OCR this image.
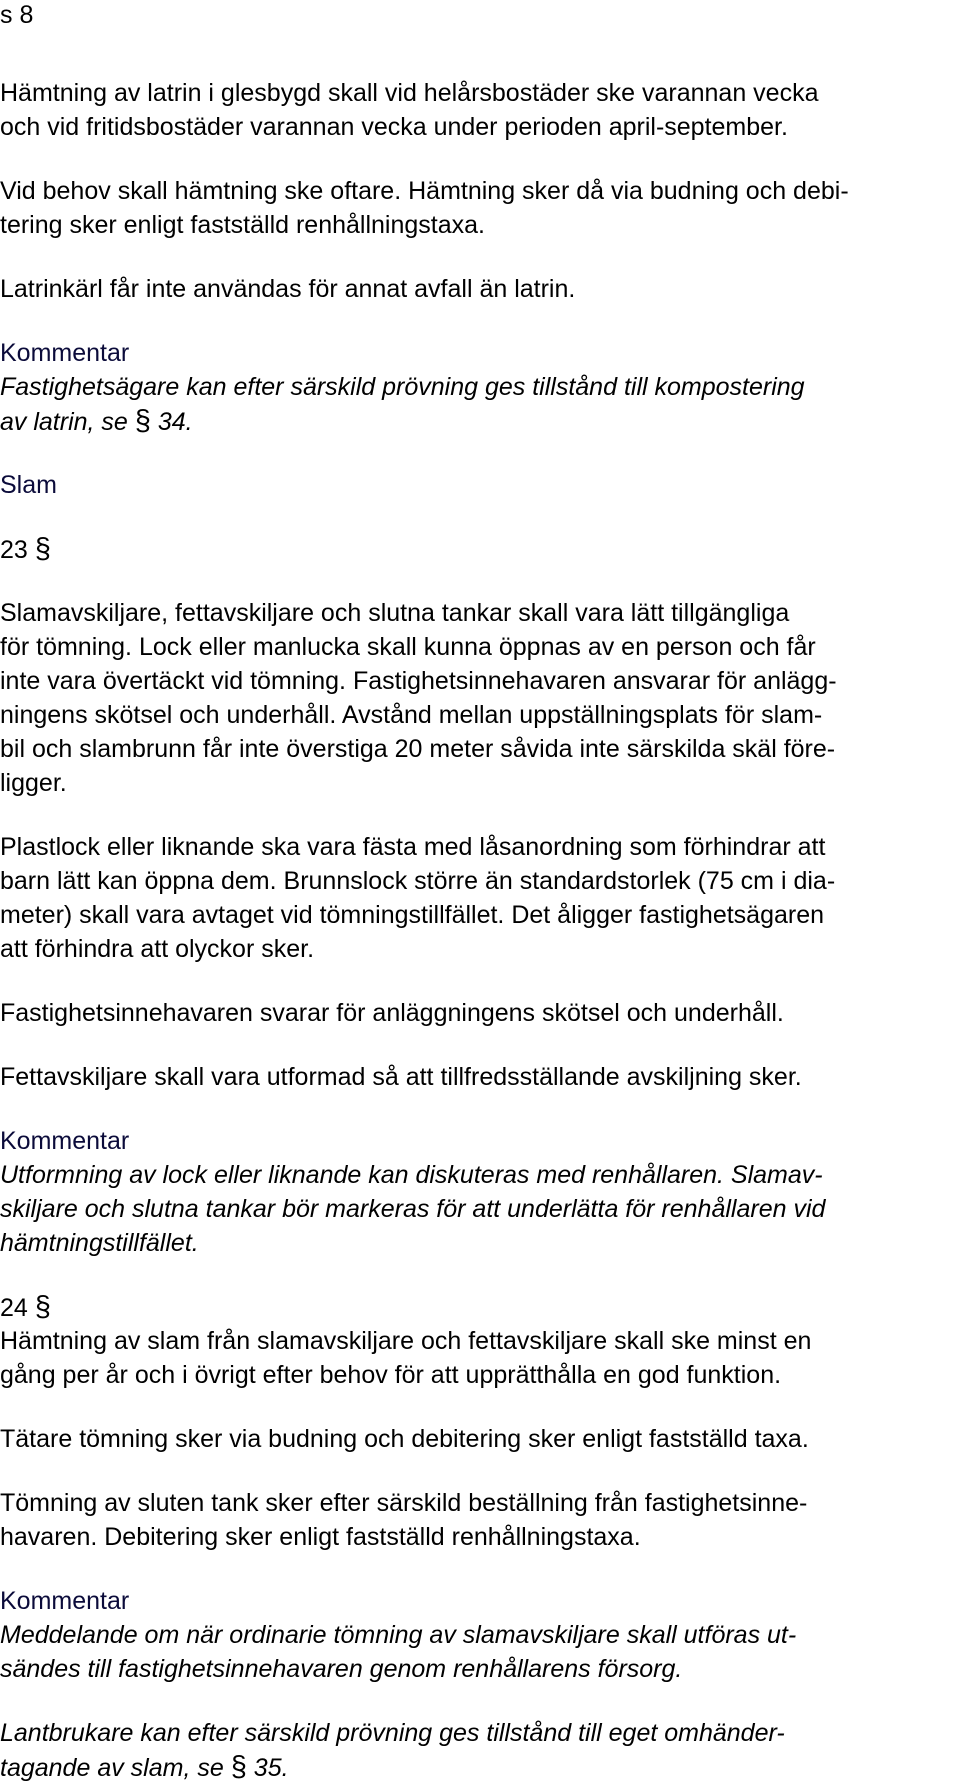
s 8
Hämtning av latrin i glesbygd skall vid helårsbostäder ske varannan vecka
och vid fritidsbostäder varannan vecka under perioden april-september.
Vid behov skall hämtning ske oftare. Hämtning sker då via budning och debi-
tering sker enligt fastställd renhållningstaxa.
Latrinkärl får inte användas för annat avfall än latrin.
Kommentar
Fastighetsägare kan efter särskild prövning ges tillstånd till kompostering
av latrin, se § 34.
Slam
23 §
Slamavskiljare, fettavskiljare och slutna tankar skall vara lätt tillgängliga
för tömning. Lock eller manlucka skall kunna öppnas av en person och får
inte vara övertäckt vid tömning. Fastighetsinnehavaren ansvarar för anlägg-
ningens skötsel och underhåll. Avstånd mellan uppställningsplats för slam-
bil och slambrunn får inte överstiga 20 meter såvida inte särskilda skäl före-
ligger.
Plastlock eller liknande ska vara fästa med låsanordning som förhindrar att
barn lätt kan öppna dem. Brunnslock större än standardstorlek (75 cm i dia-
meter) skall vara avtaget vid tömningstillfället. Det åligger fastighetsägaren
att förhindra att olyckor sker.
Fastighetsinnehavaren svarar för anläggningens skötsel och underhåll.
Fettavskiljare skall vara utformad så att tillfredsställande avskiljning sker.
Kommentar
Utformning av lock eller liknande kan diskuteras med renhållaren. Slamav-
skiljare och slutna tankar bör markeras för att underlätta för renhållaren vid
hämtningstillfället.
24 §
Hämtning av slam från slamavskiljare och fettavskiljare skall ske minst en
gång per år och i övrigt efter behov för att upprätthålla en god funktion.
Tätare tömning sker via budning och debitering sker enligt fastställd taxa.
Tömning av sluten tank sker efter särskild beställning från fastighetsinne-
havaren. Debitering sker enligt fastställd renhållningstaxa.
Kommentar
Meddelande om när ordinarie tömning av slamavskiljare skall utföras ut-
sändes till fastighetsinnehavaren genom renhållarens försorg.
Lantbrukare kan efter särskild prövning ges tillstånd till eget omhänder-
tagande av slam, se § 35.
